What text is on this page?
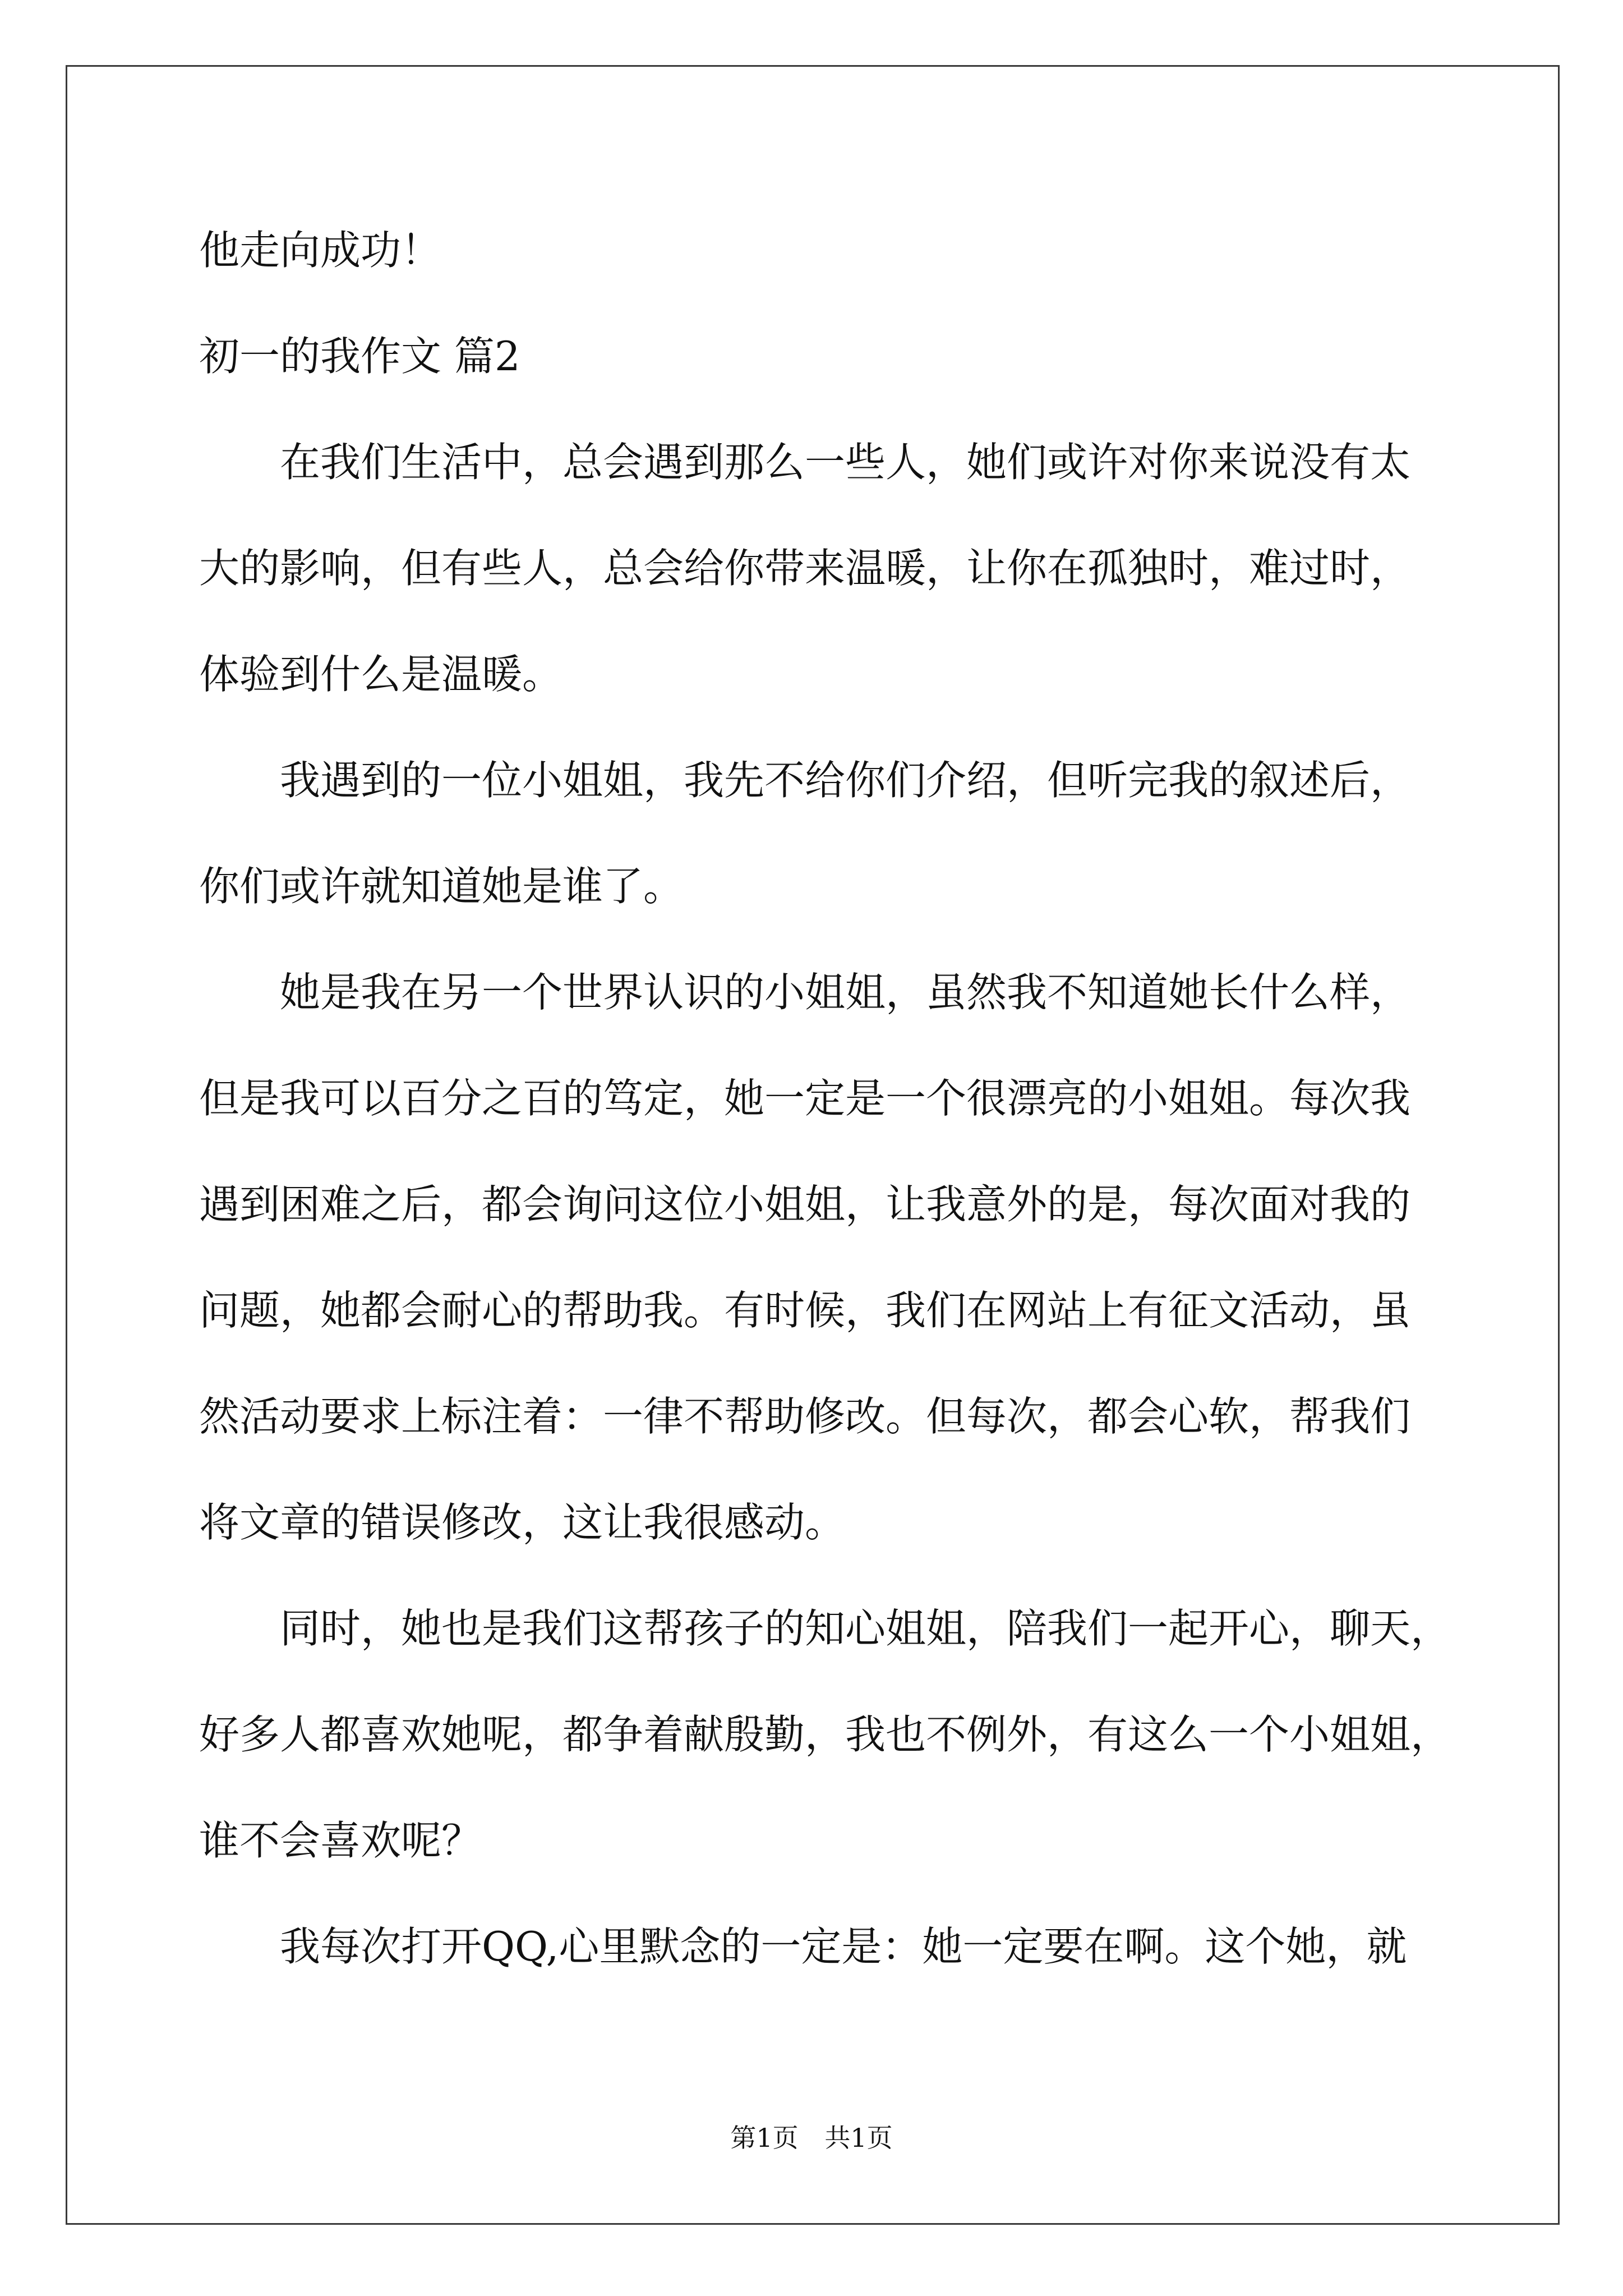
他走向成功！
初一的我作文 篇2
在我们生活中，总会遇到那么一些人，她们或许对你来说没有太
大的影响，但有些人，总会给你带来温暖，让你在孤独时，难过时，
体验到什么是温暖。
我遇到的一位小姐姐，我先不给你们介绍，但听完我的叙述后，
你们或许就知道她是谁了。
她是我在另一个世界认识的小姐姐，虽然我不知道她长什么样，
但是我可以百分之百的笃定，她一定是一个很漂亮的小姐姐。每次我
遇到困难之后，都会询问这位小姐姐，让我意外的是，每次面对我的
问题，她都会耐心的帮助我。有时候，我们在网站上有征文活动，虽
然活动要求上标注着：一律不帮助修改。但每次，都会心软，帮我们
将文章的错误修改，这让我很感动。
同时，她也是我们这帮孩子的知心姐姐，陪我们一起开心，聊天，
好多人都喜欢她呢，都争着献殷勤，我也不例外，有这么一个小姐姐，
谁不会喜欢呢？
我每次打开QQ,心里默念的一定是：她一定要在啊。这个她，就
第1页 共1页
